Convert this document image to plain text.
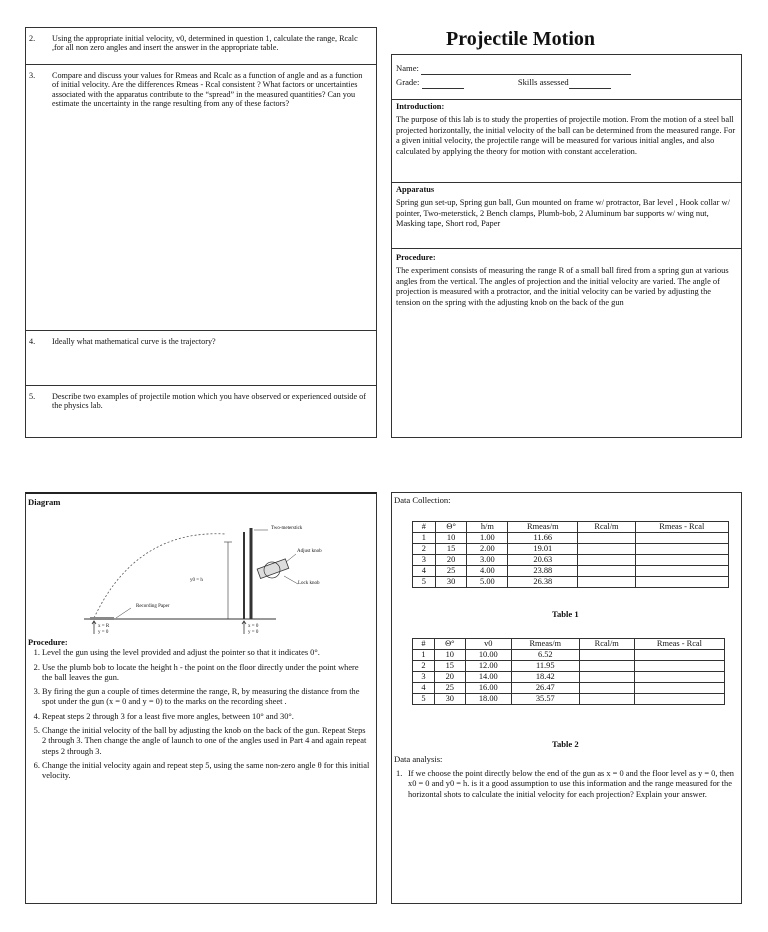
2. Using the appropriate initial velocity, v0, determined in question 1, calculate the range, Rcalc ,for all non zero angles and insert the answer in the appropriate table.
3. Compare and discuss your values for Rmeas and Rcalc as a function of angle and as a function of initial velocity. Are the differences Rmeas - Rcal consistent ? What factors or uncertainties associated with the apparatus contribute to the “spread” in the measured quantities? Can you estimate the uncertainty in the range resulting from any of these factors?
4. Ideally what mathematical curve is the trajectory?
5. Describe two examples of projectile motion which you have observed or experienced outside of the physics lab.
Projectile Motion
Name:
Grade:	Skills assessed
Introduction:
The purpose of this lab is to study the properties of projectile motion. From the motion of a steel ball projected horizontally, the initial velocity of the ball can be determined from the measured range. For a given initial velocity, the projectile range will be measured for various initial angles, and also calculated by applying the theory for motion with constant acceleration.
Apparatus
Spring gun set-up, Spring gun ball, Gun mounted on frame w/ protractor, Bar level , Hook collar w/ pointer, Two-meterstick, 2 Bench clamps, Plumb-bob, 2 Aluminum bar supports w/ wing nut, Masking tape, Short rod, Paper
Procedure:
The experiment consists of measuring the range R of a small ball fired from a spring gun at various angles from the vertical. The angles of projection and the initial velocity are varied. The angle of projection is measured with a protractor, and the initial velocity can be varied by adjusting the tension on the spring with the adjusting knob on the back of the gun
Diagram
Two-meterstick
Adjust knob
Lock knob
Recording Paper
y0 = h
x = R
y = 0
x = 0
y = 0
Procedure:
1. Level the gun using the level provided and adjust the pointer so that it indicates 0°.
2. Use the plumb bob to locate the height h - the point on the floor directly under the point where the ball leaves the gun.
3. By firing the gun a couple of times determine the range, R, by measuring the distance from the spot under the gun (x = 0 and y = 0) to the marks on the recording sheet .
4. Repeat steps 2 through 3 for a least five more angles, between 10° and 30°.
5. Change the initial velocity of the ball by adjusting the knob on the back of the gun. Repeat Steps 2 through 3. Then change the angle of launch to one of the angles used in Part 4 and again repeat steps 2 through 3.
6. Change the initial velocity again and repeat step 5, using the same non-zero angle θ for this initial velocity.
Data Collection:
#	Θ°	h/m	Rmeas/m	Rcal/m	Rmeas - Rcal
1	10	1.00	11.66		
2	15	2.00	19.01		
3	20	3.00	20.63		
4	25	4.00	23.88		
5	30	5.00	26.38		
Table 1
#	Θ°	v0	Rmeas/m	Rcal/m	Rmeas - Rcal
1	10	10.00	6.52		
2	15	12.00	11.95		
3	20	14.00	18.42		
4	25	16.00	26.47		
5	30	18.00	35.57		
Table 2
Data analysis:
1. If we choose the point directly below the end of the gun as x = 0 and the floor level as y = 0, then x0 = 0 and y0 = h. is it a good assumption to use this information and the range measured for the horizontal shots to calculate the initial velocity for each projection? Explain your answer.
